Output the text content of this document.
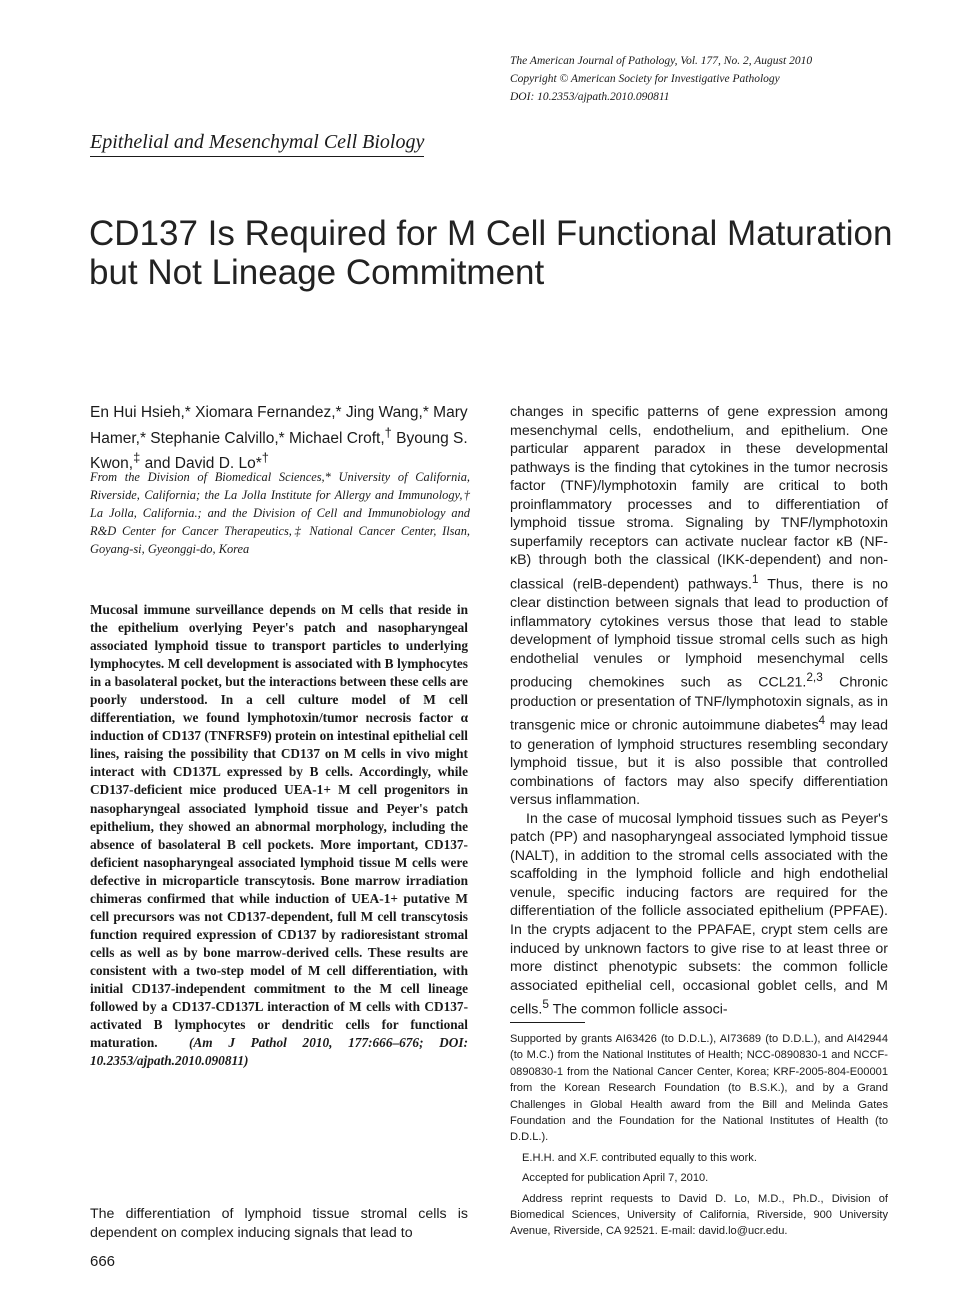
The American Journal of Pathology, Vol. 177, No. 2, August 2010
Copyright © American Society for Investigative Pathology
DOI: 10.2353/ajpath.2010.090811
Epithelial and Mesenchymal Cell Biology
CD137 Is Required for M Cell Functional Maturation but Not Lineage Commitment
En Hui Hsieh,* Xiomara Fernandez,* Jing Wang,* Mary Hamer,* Stephanie Calvillo,* Michael Croft,† Byoung S. Kwon,‡ and David D. Lo*†
From the Division of Biomedical Sciences,* University of California, Riverside, California; the La Jolla Institute for Allergy and Immunology,† La Jolla, California.; and the Division of Cell and Immunobiology and R&D Center for Cancer Therapeutics,‡ National Cancer Center, Ilsan, Goyang-si, Gyeonggi-do, Korea
Mucosal immune surveillance depends on M cells that reside in the epithelium overlying Peyer's patch and nasopharyngeal associated lymphoid tissue to transport particles to underlying lymphocytes. M cell development is associated with B lymphocytes in a basolateral pocket, but the interactions between these cells are poorly understood. In a cell culture model of M cell differentiation, we found lymphotoxin/tumor necrosis factor α induction of CD137 (TNFRSF9) protein on intestinal epithelial cell lines, raising the possibility that CD137 on M cells in vivo might interact with CD137L expressed by B cells. Accordingly, while CD137-deficient mice produced UEA-1+ M cell progenitors in nasopharyngeal associated lymphoid tissue and Peyer's patch epithelium, they showed an abnormal morphology, including the absence of basolateral B cell pockets. More important, CD137-deficient nasopharyngeal associated lymphoid tissue M cells were defective in microparticle transcytosis. Bone marrow irradiation chimeras confirmed that while induction of UEA-1+ putative M cell precursors was not CD137-dependent, full M cell transcytosis function required expression of CD137 by radioresistant stromal cells as well as by bone marrow-derived cells. These results are consistent with a two-step model of M cell differentiation, with initial CD137-independent commitment to the M cell lineage followed by a CD137-CD137L interaction of M cells with CD137-activated B lymphocytes or dendritic cells for functional maturation. (Am J Pathol 2010, 177:666–676; DOI: 10.2353/ajpath.2010.090811)
The differentiation of lymphoid tissue stromal cells is dependent on complex inducing signals that lead to
666

changes in specific patterns of gene expression among mesenchymal cells, endothelium, and epithelium. One particular apparent paradox in these developmental pathways is the finding that cytokines in the tumor necrosis factor (TNF)/lymphotoxin family are critical to both proinflammatory processes and to differentiation of lymphoid tissue stroma. Signaling by TNF/lymphotoxin superfamily receptors can activate nuclear factor κB (NF-κB) through both the classical (IKK-dependent) and non-classical (relB-dependent) pathways.$^1$ Thus, there is no clear distinction between signals that lead to production of inflammatory cytokines versus those that lead to stable development of lymphoid tissue stromal cells such as high endothelial venules or lymphoid mesenchymal cells producing chemokines such as CCL21.$^{2,3}$ Chronic production or presentation of TNF/lymphotoxin signals, as in transgenic mice or chronic autoimmune diabetes$^4$ may lead to generation of lymphoid structures resembling secondary lymphoid tissue, but it is also possible that controlled combinations of factors may also specify differentiation versus inflammation.

In the case of mucosal lymphoid tissues such as Peyer's patch (PP) and nasopharyngeal associated lymphoid tissue (NALT), in addition to the stromal cells associated with the scaffolding in the lymphoid follicle and high endothelial venule, specific inducing factors are required for the differentiation of the follicle associated epithelium (PPFAE). In the crypts adjacent to the PPAFAE, crypt stem cells are induced by unknown factors to give rise to at least three or more distinct phenotypic subsets: the common follicle associated epithelial cell, occasional goblet cells, and M cells.$^5$ The common follicle associ-

Supported by grants AI63426 (to D.D.L.), AI73689 (to D.D.L.), and AI42944 (to M.C.) from the National Institutes of Health; NCC-0890830-1 and NCCF-0890830-1 from the National Cancer Center, Korea; KRF-2005-804-E00001 from the Korean Research Foundation (to B.S.K.), and by a Grand Challenges in Global Health award from the Bill and Melinda Gates Foundation and the Foundation for the National Institutes of Health (to D.D.L.).

E.H.H. and X.F. contributed equally to this work.

Accepted for publication April 7, 2010.

Address reprint requests to David D. Lo, M.D., Ph.D., Division of Biomedical Sciences, University of California, Riverside, 900 University Avenue, Riverside, CA 92521. E-mail: david.lo@ucr.edu.
